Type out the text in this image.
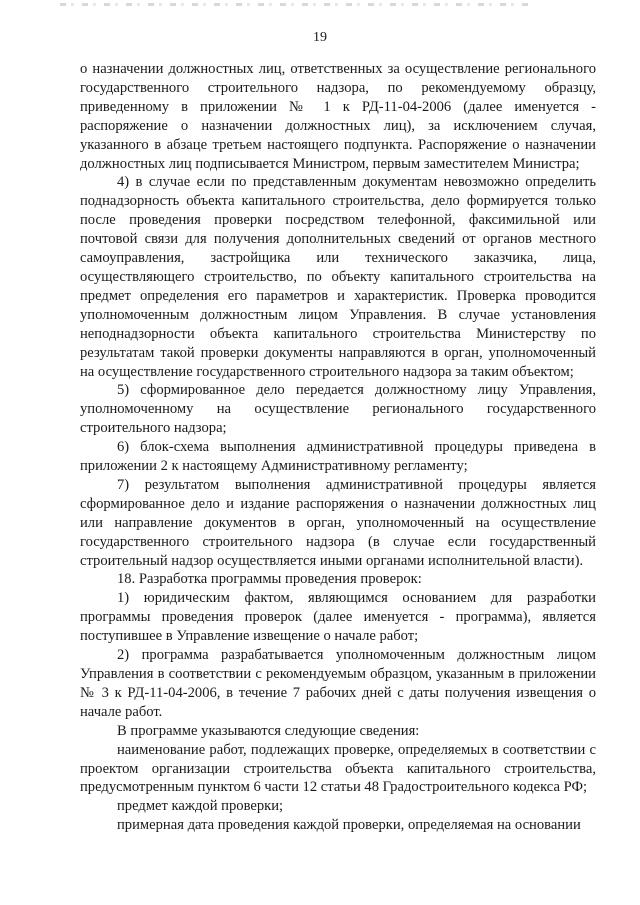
19

о назначении должностных лиц, ответственных за осуществление регионального государственного строительного надзора, по рекомендуемому образцу, приведенному в приложении № 1 к РД-11-04-2006 (далее именуется - распоряжение о назначении должностных лиц), за исключением случая, указанного в абзаце третьем настоящего подпункта. Распоряжение о назначении должностных лиц подписывается Министром, первым заместителем Министра;

4) в случае если по представленным документам невозможно определить поднадзорность объекта капитального строительства, дело формируется только после проведения проверки посредством телефонной, факсимильной или почтовой связи для получения дополнительных сведений от органов местного самоуправления, застройщика или технического заказчика, лица, осуществляющего строительство, по объекту капитального строительства на предмет определения его параметров и характеристик. Проверка проводится уполномоченным должностным лицом Управления. В случае установления неподнадзорности объекта капитального строительства Министерству по результатам такой проверки документы направляются в орган, уполномоченный на осуществление государственного строительного надзора за таким объектом;

5) сформированное дело передается должностному лицу Управления, уполномоченному на осуществление регионального государственного строительного надзора;

6) блок-схема выполнения административной процедуры приведена в приложении 2 к настоящему Административному регламенту;

7) результатом выполнения административной процедуры является сформированное дело и издание распоряжения о назначении должностных лиц или направление документов в орган, уполномоченный на осуществление государственного строительного надзора (в случае если государственный строительный надзор осуществляется иными органами исполнительной власти).

18. Разработка программы проведения проверок:

1) юридическим фактом, являющимся основанием для разработки программы проведения проверок (далее именуется - программа), является поступившее в Управление извещение о начале работ;

2) программа разрабатывается уполномоченным должностным лицом Управления в соответствии с рекомендуемым образцом, указанным в приложении № 3 к РД-11-04-2006, в течение 7 рабочих дней с даты получения извещения о начале работ.

В программе указываются следующие сведения:

наименование работ, подлежащих проверке, определяемых в соответствии с проектом организации строительства объекта капитального строительства, предусмотренным пунктом 6 части 12 статьи 48 Градостроительного кодекса РФ;

предмет каждой проверки;

примерная дата проведения каждой проверки, определяемая на основании
